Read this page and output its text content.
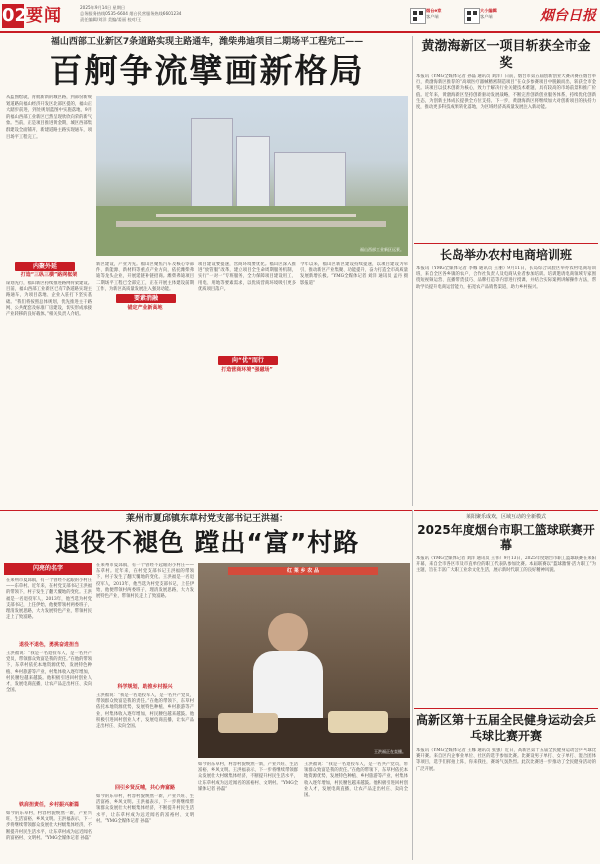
02
要闻	2025年9月14日 星期日
总务服务热线0535-6604 烟台民营服务热线6601234
责任编辑/刘洋 美编/姜丽 校对/王
烟台e家
客户端
大小编辑
客户端	烟台日报
福山西部工业新区7条道路实现主路通车，潍柴弗迪项目二期场平工程完工——
百舸争流擘画新格局
从蓝图绘就，育航新新的城区路，到部份新规划道路向福山经济开发区北部区提的，福山正大踏步前进，到处规划蓝图中实施落地，9月的福山西部工业新区已然呈现欣欣向荣的新气象。当前，正是项目推进黄金期，城区西部集群建设全面铺开，新建道路主路实现通车，项目场平工程完工。
福山西部工业新区远景。
内聚外延
打造“三纵三横”路网框架
谋划先行，福山新区持续推进路网骨架建设。目前，福山西部工业新区已有7条道路实现主路通车，为项目落地、企业入驻打下坚实基础。“我们将按照总体规划，优先推进主干路网、公共配套及标准厂房建设，切实形成承接产业转移的良好载体。”相关负责人介绍。
新区建设，产业为先。福山区聚焦汽车及核心零部件、新能源、新材料等重点产业方向，依托潍柴弗迪等龙头企业，开展延链补链招商。潍柴弗迪项目二期场平工程已全部完工，正在开展主体建设前期工作，为新区高质量发展注入强劲动能。
要素消融
锚定产业新高地
项目建设要提速，营商环境要优化。福山区深入推进“放管服”改革，建立项目全生命周期服务机制，实行“一对一”专班服务，全力保障项目建设用工、用电、用地等要素需求，以优质营商环境吸引更多优质项目落户。
向“优”而行
打造营商环境“强磁场”
今年以来，福山区新区建设持续提速，以项目建设为牵引，推动新区产业集聚、功能提升，奋力打造全市高质量发展新增长极。“YMG全媒体记者 刘洋 通讯员 孟丹 摄影报道”
黄渤海新区一项目斩获全市金奖
本报讯（YMG全媒体记者 孙磊 通讯员 刘洋）日前，烟台市第五届创新创业大赛决赛在烟台举行，黄渤海新区推荐的“高端医疗器械精密制造项目”在众多参赛项目中脱颖而出，斩获全市金奖。该项目以技术创新为核心，致力于解决行业关键技术难题，具有较高的市场前景和推广价值。近年来，黄渤海新区坚持创新驱动发展战略，不断完善创新创业服务体系，持续优化创新生态，为创新主体成长提供全方位支持。下一步，黄渤海新区将继续加大对创新项目的扶持力度，推动更多科技成果转化落地，为区域经济高质量发展注入新动能。
长岛举办农村电商培训班
本报讯（YMG全媒体记者 李娜 通讯员 王丽）9月11日，长岛综合试验区举办农村电商培训班，来自全区各乡镇的农户、合作社负责人及电商从业者参加培训。培训邀请电商领域专家围绕短视频运营、直播带货技巧、品牌打造等内容进行授课，并结合实际案例讲解操作方法，帮助学员提升电商运营能力，拓宽农产品销售渠道，助力乡村振兴。
莱州市夏邱镇东草村党支部书记王洪福：
退役不褪色 蹚出“富”村路
闪亮的名字
在莱州市夏邱镇，有一个曾经不起眼的小村庄——东草村。近年来，在村党支部书记王洪福的带领下，村子发生了翻天覆地的变化。王洪福是一名退役军人，2013年，他当选为村党支部书记，上任伊始，他便带领村两委班子，理清发展思路，大力发展特色产业，带领村民走上了致富路。
退役不退色，勇挑奋进担当
王洪福说：“我是一名退役军人，是一名共产党员，带领群众致富是我的责任。”在他的带领下，东草村依托本地资源优势，发展特色种植、乡村旅游等产业，村集体收入逐年增加，村民腰包越来越鼓。他积极引进回村创业人才，发展电商直播，让农产品走出村庄、卖向全国。
铁肩担责任，乡村振兴新篇
如今的东草村，村容村貌焕然一新，产业兴旺、生活富裕、乡风文明。王洪福表示，下一步将继续带领群众发展壮大村级集体经济，不断提升村民生活水平，让东草村成为远近闻名的富裕村、文明村。“YMG全媒体记者 孙磊”
在莱州市夏邱镇，有一个曾经不起眼的小村庄——东草村。近年来，在村党支部书记王洪福的带领下，村子发生了翻天覆地的变化。王洪福是一名退役军人，2013年，他当选为村党支部书记，上任伊始，他便带领村两委班子，理清发展思路，大力发展特色产业，带领村民走上了致富路。
科学规划，助推乡村振兴
王洪福说：“我是一名退役军人，是一名共产党员，带领群众致富是我的责任。”在他的带领下，东草村依托本地资源优势，发展特色种植、乡村旅游等产业，村集体收入逐年增加，村民腰包越来越鼓。他积极引进回村创业人才，发展电商直播，让农产品走出村庄、卖向全国。
回引乡贤反哺，共心奔富路
如今的东草村，村容村貌焕然一新，产业兴旺、生活富裕、乡风文明。王洪福表示，下一步将继续带领群众发展壮大村级集体经济，不断提升村民生活水平，让东草村成为远近闻名的富裕村、文明村。“YMG全媒体记者 孙磊”
红 莱 乡 农 品
王洪福正在直播。
如今的东草村，村容村貌焕然一新，产业兴旺、生活富裕、乡风文明。王洪福表示，下一步将继续带领群众发展壮大村级集体经济，不断提升村民生活水平，让东草村成为远近闻名的富裕村、文明村。“YMG全媒体记者 孙磊”
王洪福说：“我是一名退役军人，是一名共产党员，带领群众致富是我的责任。”在他的带领下，东草村依托本地资源优势，发展特色种植、乡村旅游等产业，村集体收入逐年增加，村民腰包越来越鼓。他积极引进回村创业人才，发展电商直播，让农产品走出村庄、卖向全国。
莱阳聚乐成欢，区域互动的全新模式
2025年度烟台市职工篮球联赛开幕
本报讯（YMG全媒体记者 刘洋 通讯员 王伟）9月13日，2025年度烟台市职工篮球联赛在莱阳开幕，来自全市各区市及市直单位的职工代表队参加比赛。本届联赛以“篮球激情·活力职工”为主题，旨在丰富广大职工业余文化生活，展示新时代职工的良好精神风貌。
高新区第十五届全民健身运动会乒乓球比赛开赛
本报讯（YMG全媒体记者 王娜 通讯员 张强）近日，高新区第十五届全民健身运动会乒乓球比赛开赛。来自区内企事业单位、社区的选手参加比赛。比赛设男子单打、女子单打、混合团体等项目，选手们挥拍上阵，你来我往，赛场气氛热烈。此次比赛进一步推动了全民健身活动的广泛开展。
